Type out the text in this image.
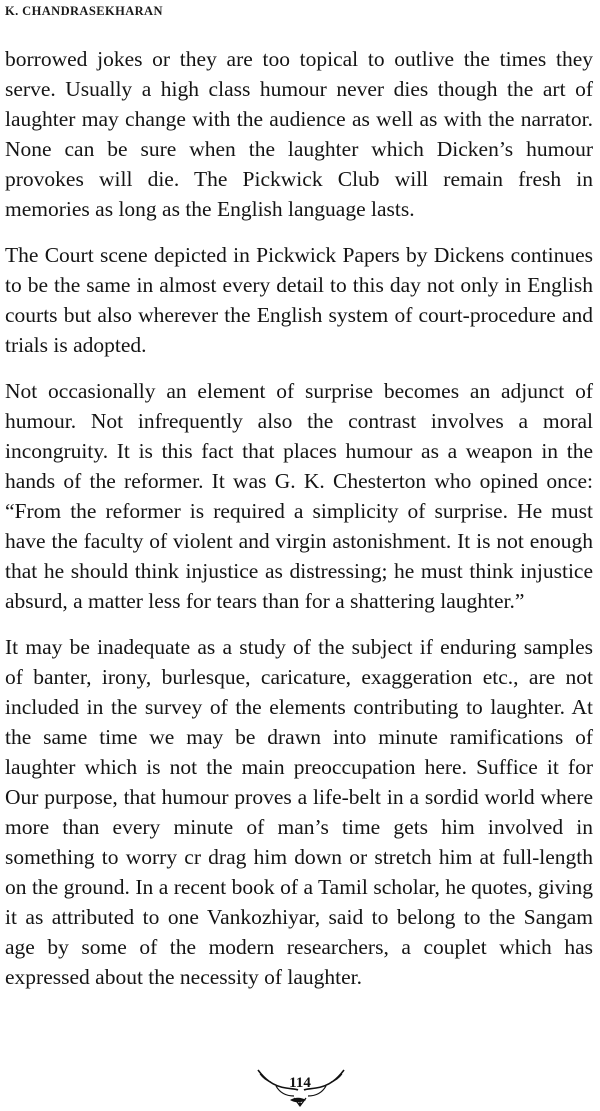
K. CHANDRASEKHARAN

borrowed jokes or they are too topical to outlive the times they serve. Usually a high class humour never dies though the art of laughter may change with the audience as well as with the narrator. None can be sure when the laughter which Dicken’s humour provokes will die. The Pickwick Club will remain fresh in memories as long as the English language lasts.

The Court scene depicted in Pickwick Papers by Dickens continues to be the same in almost every detail to this day not only in English courts but also wherever the English system of court-procedure and trials is adopted.

Not occasionally an element of surprise becomes an adjunct of humour. Not infrequently also the contrast involves a moral incongruity. It is this fact that places humour as a weapon in the hands of the reformer. It was G. K. Chesterton who opined once: “From the reformer is required a simplicity of surprise. He must have the faculty of violent and virgin astonishment. It is not enough that he should think injustice as distressing; he must think injustice absurd, a matter less for tears than for a shattering laughter.”

It may be inadequate as a study of the subject if enduring samples of banter, irony, burlesque, caricature, exaggeration etc., are not included in the survey of the elements contributing to laughter. At the same time we may be drawn into minute ramifications of laughter which is not the main preoccupation here. Suffice it for Our purpose, that humour proves a life-belt in a sordid world where more than every minute of man’s time gets him involved in something to worry cr drag him down or stretch him at full-length on the ground. In a recent book of a Tamil scholar, he quotes, giving it as attributed to one Vankozhiyar, said to belong to the Sangam age by some of the modern researchers, a couplet which has expressed about the necessity of laughter.

114
